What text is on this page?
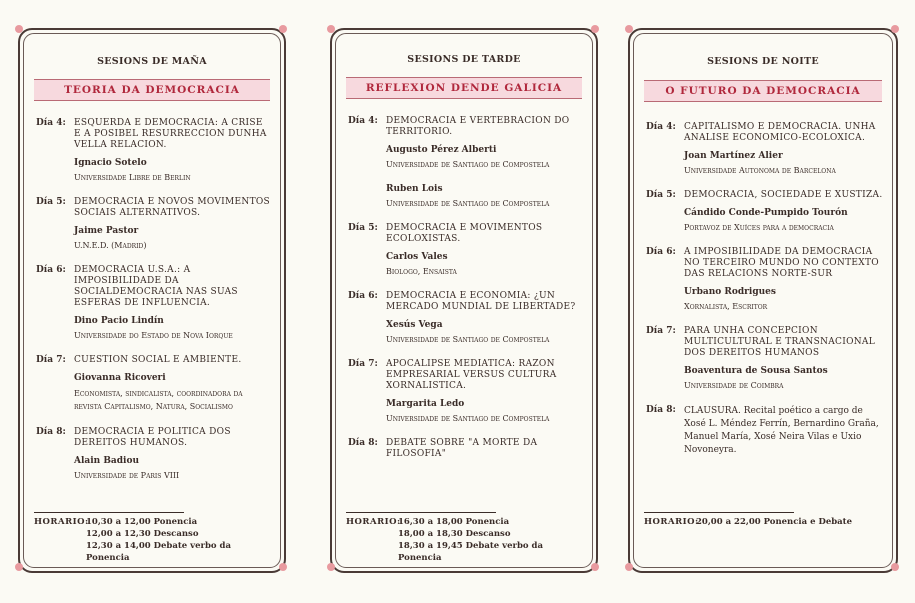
SESIONS DE MAÑA
TEORIA DA DEMOCRACIA
Día 4: ESQUERDA E DEMOCRACIA: A CRISE E A POSIBEL RESURRECCION DUNHA VELLA RELACION.
Ignacio Sotelo
Universidade Libre de Berlin
Día 5: DEMOCRACIA E NOVOS MOVIMENTOS SOCIAIS ALTERNATIVOS.
Jaime Pastor
U.N.E.D. (Madrid)
Día 6: DEMOCRACIA U.S.A.: A IMPOSIBILIDADE DA SOCIALDEMOCRACIA NAS SUAS ESFERAS DE INFLUENCIA.
Dino Pacio Lindín
Universidade do Estado de Nova Iorque
Día 7: CUESTION SOCIAL E AMBIENTE.
Giovanna Ricoveri
Economista, sindicalista, coordinadora da revista Capitalismo, Natura, Socialismo
Día 8: DEMOCRACIA E POLITICA DOS DEREITOS HUMANOS.
Alain Badiou
Universidade de Paris VIII
HORARIO:
10,30 a 12,00 Ponencia
12,00 a 12,30 Descanso
12,30 a 14,00 Debate verbo da Ponencia
SESIONS DE TARDE
REFLEXION DENDE GALICIA
Día 4: DEMOCRACIA E VERTEBRACION DO TERRITORIO.
Augusto Pérez Alberti
Universidade de Santiago de Compostela
Ruben Lois
Universidade de Santiago de Compostela
Día 5: DEMOCRACIA E MOVIMENTOS ECOLOXISTAS.
Carlos Vales
Biologo, Ensaista
Día 6: DEMOCRACIA E ECONOMIA: ¿UN MERCADO MUNDIAL DE LIBERTADE?
Xesús Vega
Universidade de Santiago de Compostela
Día 7: APOCALIPSE MEDIATICA: RAZON EMPRESARIAL VERSUS CULTURA XORNALISTICA.
Margarita Ledo
Universidade de Santiago de Compostela
Día 8: DEBATE SOBRE "A MORTE DA FILOSOFIA"
HORARIO:
16,30 a 18,00 Ponencia
18,00 a 18,30 Descanso
18,30 a 19,45 Debate verbo da Ponencia
SESIONS DE NOITE
O FUTURO DA DEMOCRACIA
Día 4: CAPITALISMO E DEMOCRACIA. UNHA ANALISE ECONOMICO-ECOLOXICA.
Joan Martínez Alier
Universidade Autonoma de Barcelona
Día 5: DEMOCRACIA, SOCIEDADE E XUSTIZA.
Cándido Conde-Pumpido Tourón
Portavoz de Xuíces para a democracia
Día 6: A IMPOSIBILIDADE DA DEMOCRACIA NO TERCEIRO MUNDO NO CONTEXTO DAS RELACIONS NORTE-SUR
Urbano Rodrigues
Xornalista, Escritor
Día 7: PARA UNHA CONCEPCION MULTICULTURAL E TRANSNACIONAL DOS DEREITOS HUMANOS
Boaventura de Sousa Santos
Universidade de Coimbra
Día 8: CLAUSURA. Recital poético a cargo de Xosé L. Méndez Ferrín, Bernardino Graña, Manuel María, Xosé Neira Vilas e Uxio Novoneyra.
HORARIO:
20,00 a 22,00 Ponencia e Debate
